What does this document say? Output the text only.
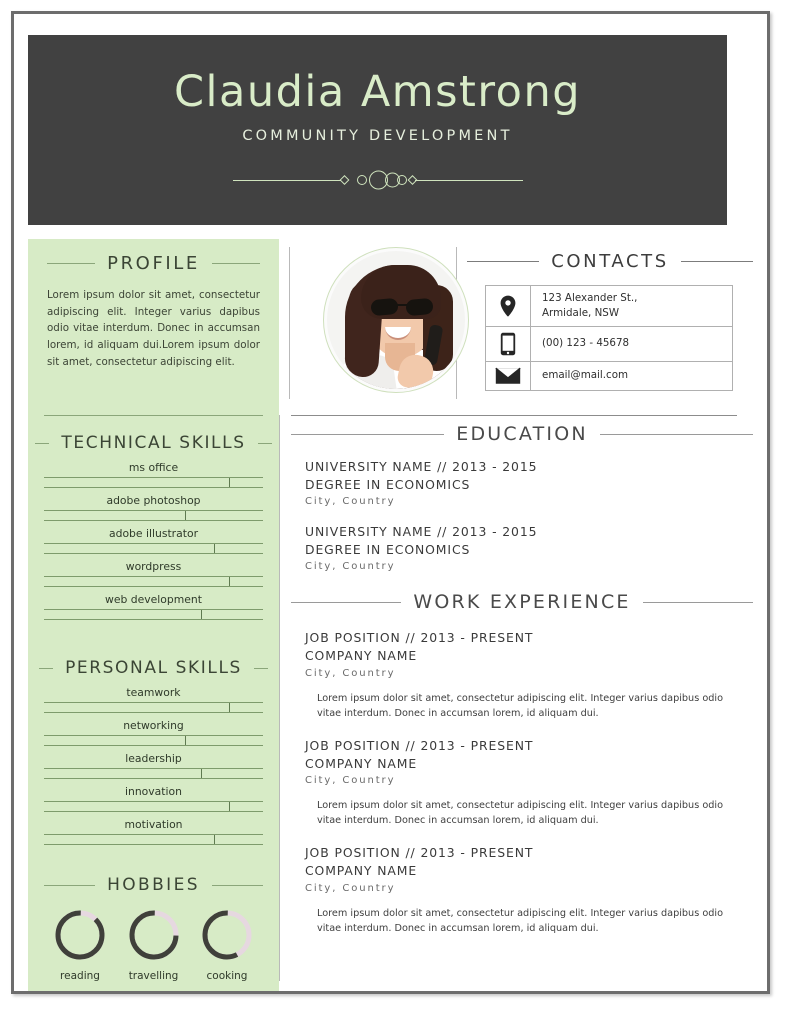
Claudia Amstrong
COMMUNITY DEVELOPMENT
PROFILE

Lorem ipsum dolor sit amet, consectetur adipiscing elit. Integer varius dapibus odio vitae interdum. Donec in accumsan lorem, id aliquam dui.Lorem ipsum dolor sit amet, consectetur adipiscing elit.

CONTACTS
	123 Alexander St.,
Armidale, NSW

	(00) 123 - 45678

	email@mail.com
TECHNICAL SKILLS
ms office
adobe photoshop
adobe illustrator
wordpress
web development
PERSONAL SKILLS
teamwork
networking
leadership
innovation
motivation
HOBBIES
reading	travelling	cooking
EDUCATION
UNIVERSITY NAME // 2013 - 2015
DEGREE IN ECONOMICS
City, Country
UNIVERSITY NAME // 2013 - 2015
DEGREE IN ECONOMICS
City, Country
WORK EXPERIENCE
JOB POSITION // 2013 - PRESENT
COMPANY NAME
City, Country
Lorem ipsum dolor sit amet, consectetur adipiscing elit. Integer varius dapibus odio vitae interdum. Donec in accumsan lorem, id aliquam dui.
JOB POSITION // 2013 - PRESENT
COMPANY NAME
City, Country
Lorem ipsum dolor sit amet, consectetur adipiscing elit. Integer varius dapibus odio vitae interdum. Donec in accumsan lorem, id aliquam dui.
JOB POSITION // 2013 - PRESENT
COMPANY NAME
City, Country
Lorem ipsum dolor sit amet, consectetur adipiscing elit. Integer varius dapibus odio vitae interdum. Donec in accumsan lorem, id aliquam dui.
